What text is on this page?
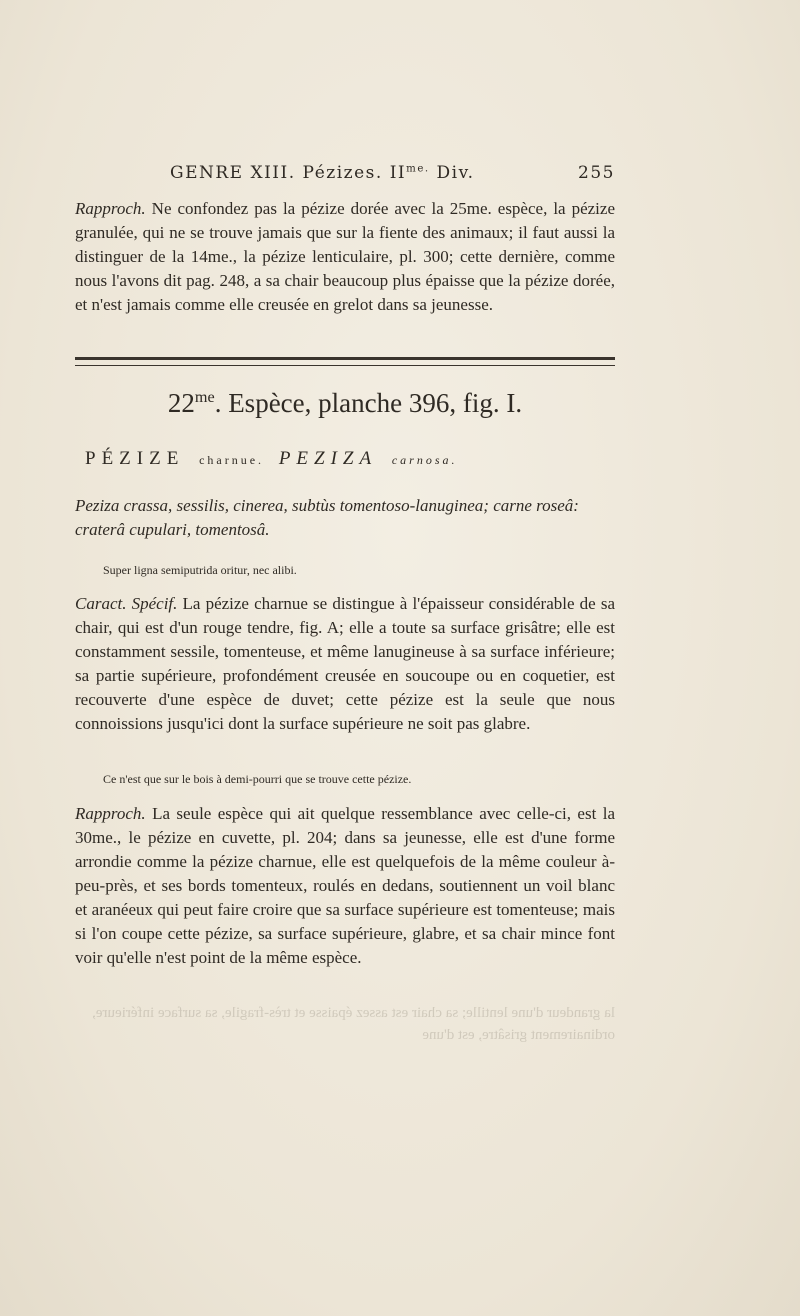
GENRE XIII. Pézizes. $II^{me.}$ Div.	255
Rapproch. Ne confondez pas la pézize dorée avec la 25me. espèce, la pézize granulée, qui ne se trouve jamais que sur la fiente des animaux; il faut aussi la distinguer de la 14me., la pézize lenticulaire, pl. 300; cette dernière, comme nous l'avons dit pag. 248, a sa chair beaucoup plus épaisse que la pézize dorée, et n'est jamais comme elle creusée en grelot dans sa jeunesse.
$22^{me}$. Espèce, planche 396, fig. I.
PÉZIZE charnue. PEZIZA carnosa.
Peziza crassa, sessilis, cinerea, subtùs tomentoso-lanuginea; carne roseâ: craterâ cupulari, tomentosâ.
Super ligna semiputrida oritur, nec alibi.
Caract. Spécif. La pézize charnue se distingue à l'épaisseur considérable de sa chair, qui est d'un rouge tendre, fig. A; elle a toute sa surface grisâtre; elle est constamment sessile, tomenteuse, et même lanugineuse à sa surface inférieure; sa partie supérieure, profondément creusée en soucoupe ou en coquetier, est recouverte d'une espèce de duvet; cette pézize est la seule que nous connoissions jusqu'ici dont la surface supérieure ne soit pas glabre.
Ce n'est que sur le bois à demi-pourri que se trouve cette pézize.
Rapproch. La seule espèce qui ait quelque ressemblance avec celle-ci, est la 30me., le pézize en cuvette, pl. 204; dans sa jeunesse, elle est d'une forme arrondie comme la pézize charnue, elle est quelquefois de la même couleur à-peu-près, et ses bords tomenteux, roulés en dedans, soutiennent un voil blanc et aranéeux qui peut faire croire que sa surface supérieure est tomenteuse; mais si l'on coupe cette pézize, sa surface supérieure, glabre, et sa chair mince font voir qu'elle n'est point de la même espèce.
la grandeur d'une lentille; sa chair est assez épaisse et très-fragile, sa surface inférieure, ordinairement grisâtre, est d'une
